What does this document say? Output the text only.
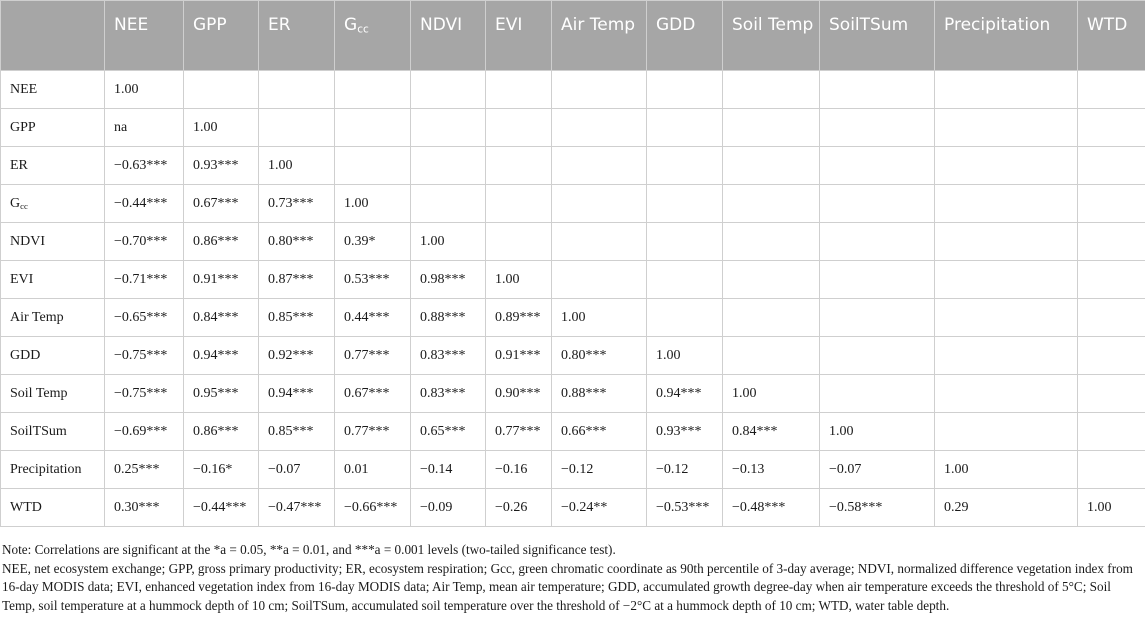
	NEE	GPP	ER	$G_{cc}$	NDVI	EVI	Air Temp	GDD	Soil Temp	SoilTSum	Precipitation	WTD
NEE	1.00											
GPP	na	1.00										
ER	−0.63***	0.93***	1.00									
$G_{cc}$	−0.44***	0.67***	0.73***	1.00								
NDVI	−0.70***	0.86***	0.80***	0.39*	1.00							
EVI	−0.71***	0.91***	0.87***	0.53***	0.98***	1.00						
Air Temp	−0.65***	0.84***	0.85***	0.44***	0.88***	0.89***	1.00					
GDD	−0.75***	0.94***	0.92***	0.77***	0.83***	0.91***	0.80***	1.00				
Soil Temp	−0.75***	0.95***	0.94***	0.67***	0.83***	0.90***	0.88***	0.94***	1.00			
SoilTSum	−0.69***	0.86***	0.85***	0.77***	0.65***	0.77***	0.66***	0.93***	0.84***	1.00		
Precipitation	0.25***	−0.16*	−0.07	0.01	−0.14	−0.16	−0.12	−0.12	−0.13	−0.07	1.00	
WTD	0.30***	−0.44***	−0.47***	−0.66***	−0.09	−0.26	−0.24**	−0.53***	−0.48***	−0.58***	0.29	1.00

Note: Correlations are significant at the *a = 0.05, **a = 0.01, and ***a = 0.001 levels (two-tailed significance test).

NEE, net ecosystem exchange; GPP, gross primary productivity; ER, ecosystem respiration; Gcc, green chromatic coordinate as 90th percentile of 3-day average; NDVI, normalized difference vegetation index from 16-day MODIS data; EVI, enhanced vegetation index from 16-day MODIS data; Air Temp, mean air temperature; GDD, accumulated growth degree-day when air temperature exceeds the threshold of 5°C; Soil Temp, soil temperature at a hummock depth of 10 cm; SoilTSum, accumulated soil temperature over the threshold of −2°C at a hummock depth of 10 cm; WTD, water table depth.
